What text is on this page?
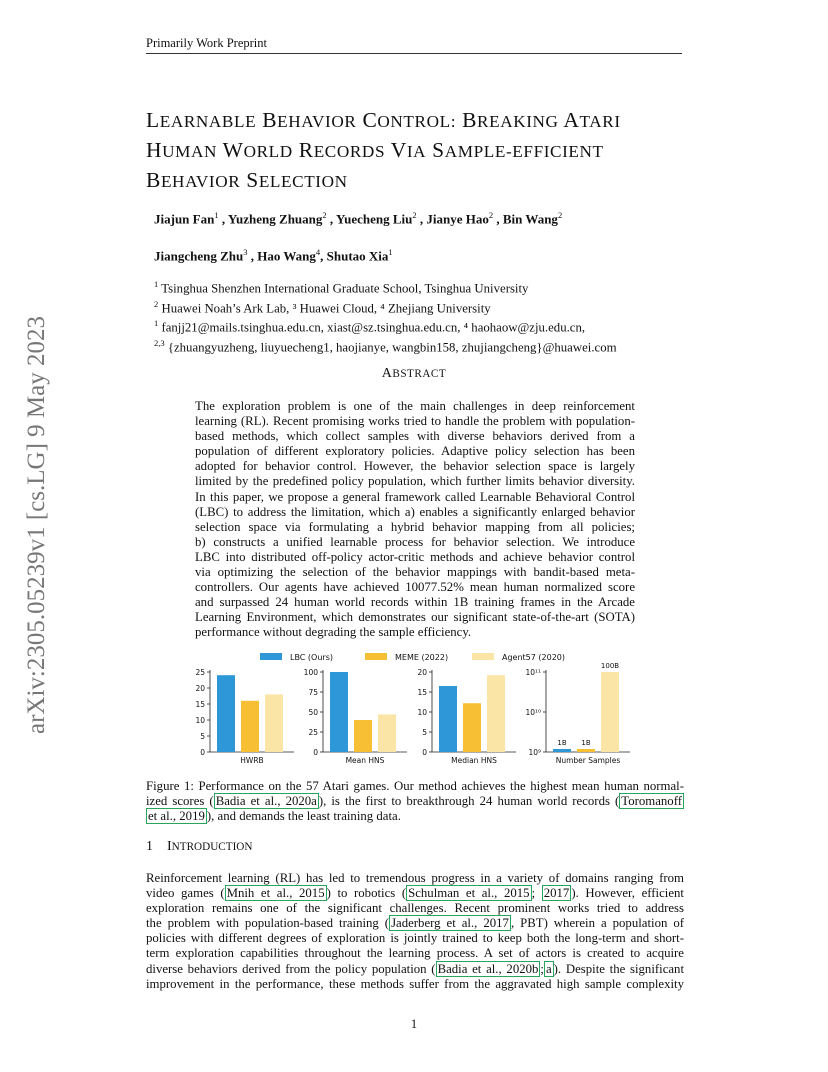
Primarily Work Preprint
arXiv:2305.05239v1 [cs.LG] 9 May 2023
LEARNABLE BEHAVIOR CONTROL: BREAKING ATARI
HUMAN WORLD RECORDS VIA SAMPLE-EFFICIENT
BEHAVIOR SELECTION
Jiajun Fan$^1$ , Yuzheng Zhuang$^2$ , Yuecheng Liu$^2$ , Jianye Hao$^2$ , Bin Wang$^2$
Jiangcheng Zhu$^3$ , Hao Wang$^4$, Shutao Xia$^1$
$^1$ Tsinghua Shenzhen International Graduate School, Tsinghua University
$^2$ Huawei Noah’s Ark Lab, ³ Huawei Cloud, ⁴ Zhejiang University
$^1$ fanjj21@mails.tsinghua.edu.cn, xiast@sz.tsinghua.edu.cn, ⁴ haohaow@zju.edu.cn,
$^{2,3}$ {zhuangyuzheng, liuyuecheng1, haojianye, wangbin158, zhujiangcheng}@huawei.com
ABSTRACT
The exploration problem is one of the main challenges in deep reinforcement
learning (RL). Recent promising works tried to handle the problem with population-
based methods, which collect samples with diverse behaviors derived from a
population of different exploratory policies. Adaptive policy selection has been
adopted for behavior control. However, the behavior selection space is largely
limited by the predefined policy population, which further limits behavior diversity.
In this paper, we propose a general framework called Learnable Behavioral Control
(LBC) to address the limitation, which a) enables a significantly enlarged behavior
selection space via formulating a hybrid behavior mapping from all policies;
b) constructs a unified learnable process for behavior selection. We introduce
LBC into distributed off-policy actor-critic methods and achieve behavior control
via optimizing the selection of the behavior mappings with bandit-based meta-
controllers. Our agents have achieved 10077.52% mean human normalized score
and surpassed 24 human world records within 1B training frames in the Arcade
Learning Environment, which demonstrates our significant state-of-the-art (SOTA)
performance without degrading the sample efficiency.
LBC (Ours)	MEME (2022)	Agent57 (2020)
0
5
10
15
20
25
HWRB
0
25
50
75
100
Mean HNS
0
5
10
15
20
Median HNS
10⁹
10¹⁰
10¹¹
1B 1B
100B
Number Samples
Figure 1: Performance on the 57 Atari games. Our method achieves the highest mean human normal-
ized scores ( Badia et al., 2020a ), is the first to breakthrough 24 human world records ( Toromanoff
et al., 2019 ), and demands the least training data.
1 INTRODUCTION
Reinforcement learning (RL) has led to tremendous progress in a variety of domains ranging from
video games ( Mnih et al., 2015 ) to robotics ( Schulman et al., 2015 ; 2017 ). However, efficient
exploration remains one of the significant challenges. Recent prominent works tried to address
the problem with population-based training ( Jaderberg et al., 2017 , PBT) wherein a population of
policies with different degrees of exploration is jointly trained to keep both the long-term and short-
term exploration capabilities throughout the learning process. A set of actors is created to acquire
diverse behaviors derived from the policy population ( Badia et al., 2020b ; a ). Despite the significant
improvement in the performance, these methods suffer from the aggravated high sample complexity
1
